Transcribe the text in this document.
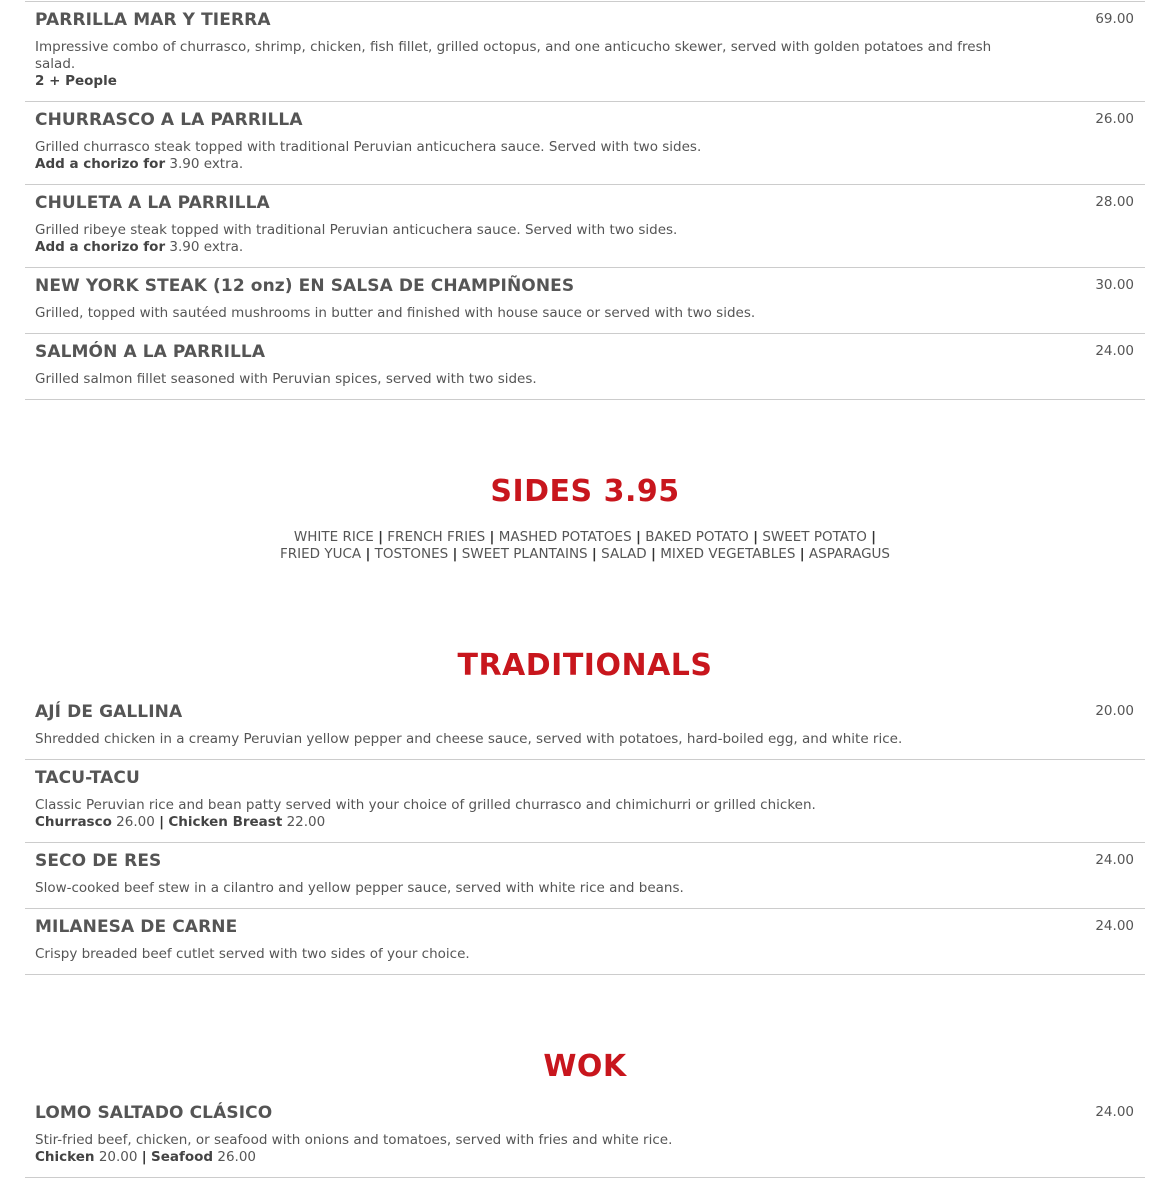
PARRILLA MAR Y TIERRA	69.00
Impressive combo of churrasco, shrimp, chicken, fish fillet, grilled octopus, and one anticucho skewer, served with golden potatoes and fresh salad.
2 + People
CHURRASCO A LA PARRILLA	26.00
Grilled churrasco steak topped with traditional Peruvian anticuchera sauce. Served with two sides.
Add a chorizo for 3.90 extra.
CHULETA A LA PARRILLA	28.00
Grilled ribeye steak topped with traditional Peruvian anticuchera sauce. Served with two sides.
Add a chorizo for 3.90 extra.
NEW YORK STEAK (12 onz) EN SALSA DE CHAMPIÑONES	30.00
Grilled, topped with sautéed mushrooms in butter and finished with house sauce or served with two sides.
SALMÓN A LA PARRILLA	24.00
Grilled salmon fillet seasoned with Peruvian spices, served with two sides.
SIDES 3.95
WHITE RICE | FRENCH FRIES | MASHED POTATOES | BAKED POTATO | SWEET POTATO |
FRIED YUCA | TOSTONES | SWEET PLANTAINS | SALAD | MIXED VEGETABLES | ASPARAGUS
TRADITIONALS
AJÍ DE GALLINA	20.00
Shredded chicken in a creamy Peruvian yellow pepper and cheese sauce, served with potatoes, hard-boiled egg, and white rice.
TACU-TACU
Classic Peruvian rice and bean patty served with your choice of grilled churrasco and chimichurri or grilled chicken.
Churrasco 26.00 | Chicken Breast 22.00
SECO DE RES	24.00
Slow-cooked beef stew in a cilantro and yellow pepper sauce, served with white rice and beans.
MILANESA DE CARNE	24.00
Crispy breaded beef cutlet served with two sides of your choice.
WOK
LOMO SALTADO CLÁSICO	24.00
Stir-fried beef, chicken, or seafood with onions and tomatoes, served with fries and white rice.
Chicken 20.00 | Seafood 26.00
